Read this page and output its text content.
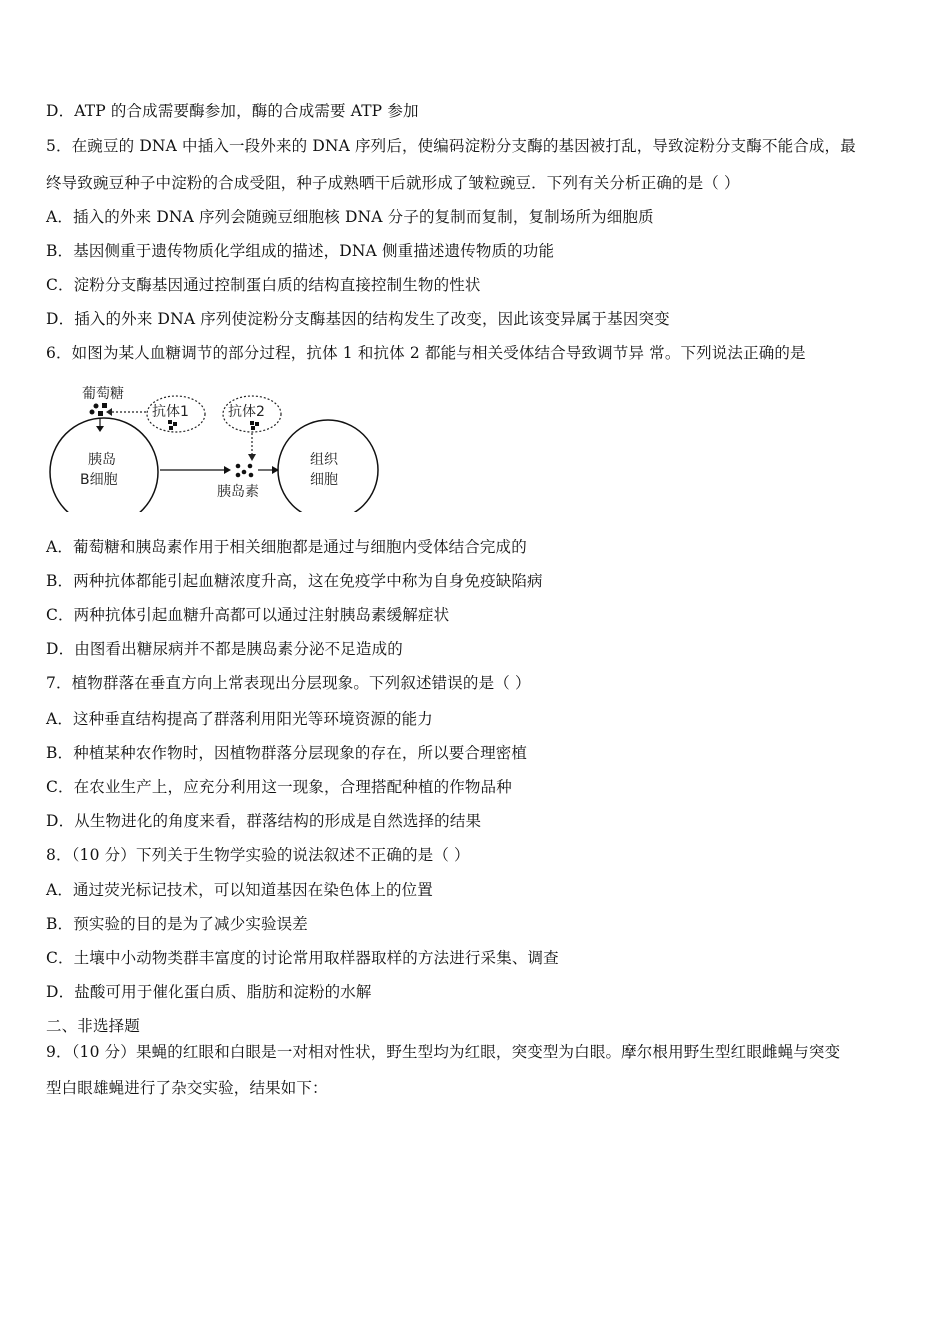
D．ATP 的合成需要酶参加，酶的合成需要 ATP 参加
5．在豌豆的 DNA 中插入一段外来的 DNA 序列后，使编码淀粉分支酶的基因被打乱，导致淀粉分支酶不能合成，最
终导致豌豆种子中淀粉的合成受阻，种子成熟晒干后就形成了皱粒豌豆．下列有关分析正确的是（ ）
A．插入的外来 DNA 序列会随豌豆细胞核 DNA 分子的复制而复制，复制场所为细胞质
B．基因侧重于遗传物质化学组成的描述，DNA 侧重描述遗传物质的功能
C．淀粉分支酶基因通过控制蛋白质的结构直接控制生物的性状
D．插入的外来 DNA 序列使淀粉分支酶基因的结构发生了改变，因此该变异属于基因突变
6．如图为某人血糖调节的部分过程，抗体 1 和抗体 2 都能与相关受体结合导致调节异 常。下列说法正确的是
葡萄糖
抗体1	抗体2
胰岛
B细胞
胰岛素
组织
细胞
A．葡萄糖和胰岛素作用于相关细胞都是通过与细胞内受体结合完成的
B．两种抗体都能引起血糖浓度升高，这在免疫学中称为自身免疫缺陷病
C．两种抗体引起血糖升高都可以通过注射胰岛素缓解症状
D．由图看出糖尿病并不都是胰岛素分泌不足造成的
7．植物群落在垂直方向上常表现出分层现象。下列叙述错误的是（ ）
A．这种垂直结构提高了群落利用阳光等环境资源的能力
B．种植某种农作物时，因植物群落分层现象的存在，所以要合理密植
C．在农业生产上，应充分利用这一现象，合理搭配种植的作物品种
D．从生物进化的角度来看，群落结构的形成是自然选择的结果
8．（10 分）下列关于生物学实验的说法叙述不正确的是（ ）
A．通过荧光标记技术，可以知道基因在染色体上的位置
B．预实验的目的是为了减少实验误差
C．土壤中小动物类群丰富度的讨论常用取样器取样的方法进行采集、调查
D．盐酸可用于催化蛋白质、脂肪和淀粉的水解
二、非选择题
9．（10 分）果蝇的红眼和白眼是一对相对性状，野生型均为红眼，突变型为白眼。摩尔根用野生型红眼雌蝇与突变
型白眼雄蝇进行了杂交实验，结果如下：
